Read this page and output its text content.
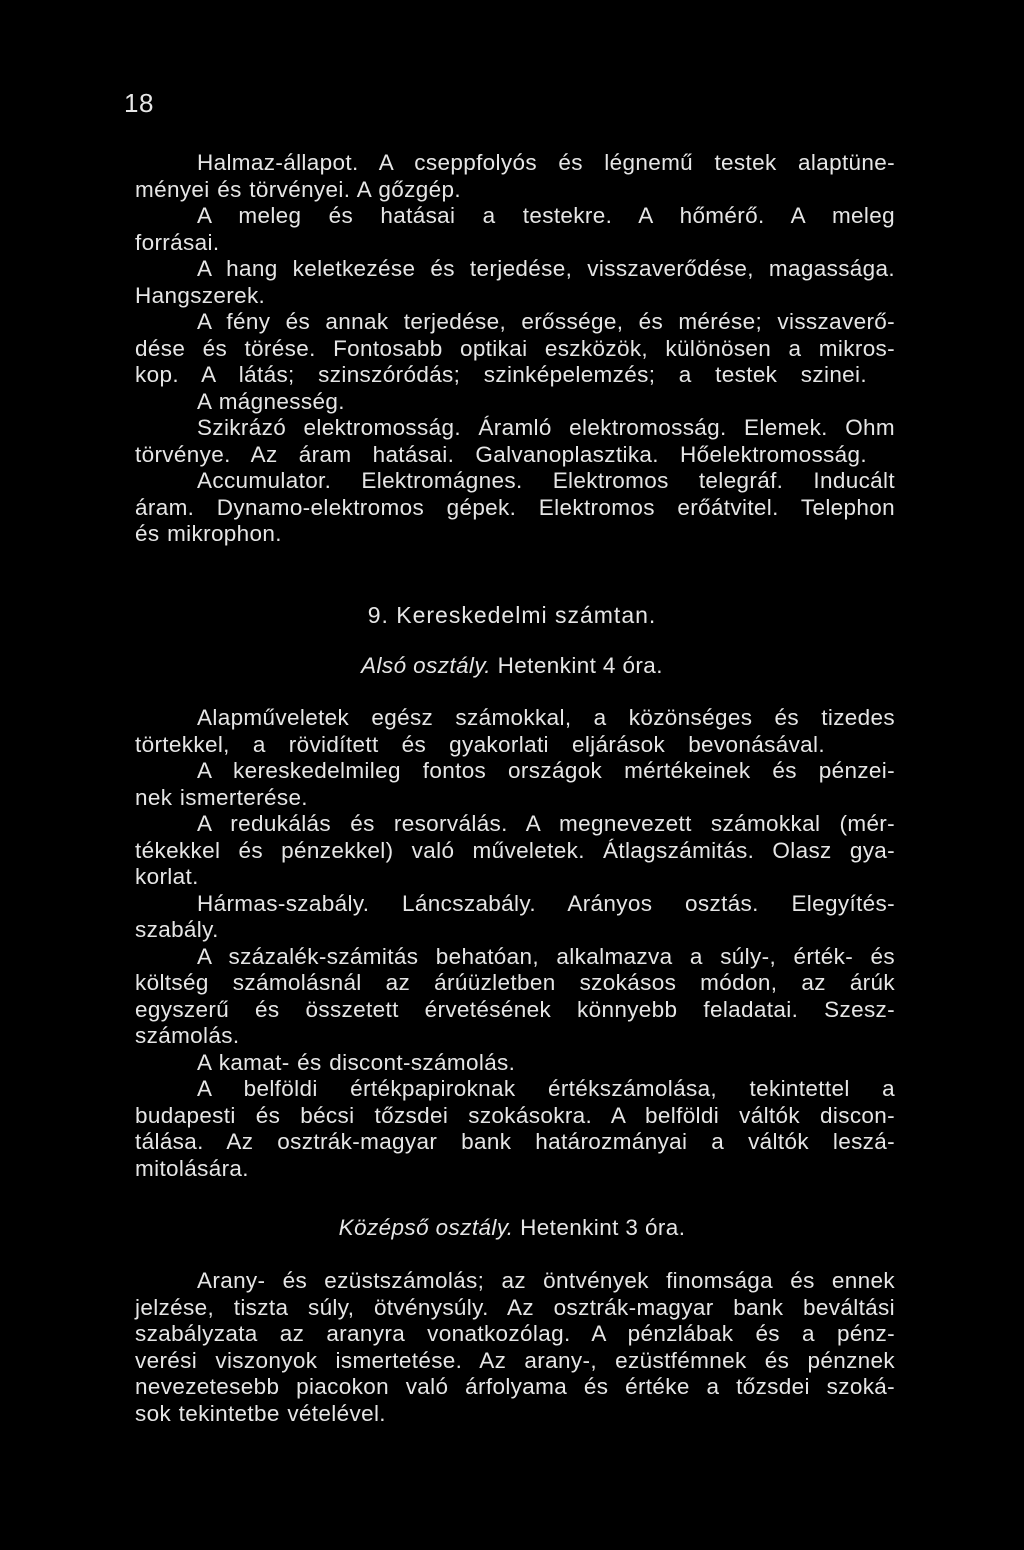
18
Halmaz-állapot. A cseppfolyós és légnemű testek alaptüne-
ményei és törvényei. A gőzgép.
A meleg és hatásai a testekre. A hőmérő. A meleg
forrásai.
A hang keletkezése és terjedése, visszaverődése, magassága.
Hangszerek.
A fény és annak terjedése, erőssége, és mérése; visszaverő-
dése és törése. Fontosabb optikai eszközök, különösen a mikros-
kop. A látás; szinszóródás; szinképelemzés; a testek szinei.
A mágnesség.
Szikrázó elektromosság. Áramló elektromosság. Elemek. Ohm
törvénye. Az áram hatásai. Galvanoplasztika. Hőelektromosság.
Accumulator. Elektromágnes. Elektromos telegráf. Inducált
áram. Dynamo-elektromos gépek. Elektromos erőátvitel. Telephon
és mikrophon.
9. Kereskedelmi számtan.
Alsó osztály. Hetenkint 4 óra.
Alapműveletek egész számokkal, a közönséges és tizedes
törtekkel, a rövidített és gyakorlati eljárások bevonásával.
A kereskedelmileg fontos országok mértékeinek és pénzei-
nek ismerterése.
A redukálás és resorválás. A megnevezett számokkal (mér-
tékekkel és pénzekkel) való műveletek. Átlagszámitás. Olasz gya-
korlat.
Hármas-szabály. Láncszabály. Arányos osztás. Elegyítés-
szabály.
A százalék-számitás behatóan, alkalmazva a súly-, érték- és
költség számolásnál az árúüzletben szokásos módon, az árúk
egyszerű és összetett érvetésének könnyebb feladatai. Szesz-
számolás.
A kamat- és discont-számolás.
A belföldi értékpapiroknak értékszámolása, tekintettel a
budapesti és bécsi tőzsdei szokásokra. A belföldi váltók discon-
tálása. Az osztrák-magyar bank határozmányai a váltók leszá-
mitolására.
Középső osztály. Hetenkint 3 óra.
Arany- és ezüstszámolás; az öntvények finomsága és ennek
jelzése, tiszta súly, ötvénysúly. Az osztrák-magyar bank beváltási
szabályzata az aranyra vonatkozólag. A pénzlábak és a pénz-
verési viszonyok ismertetése. Az arany-, ezüstfémnek és pénznek
nevezetesebb piacokon való árfolyama és értéke a tőzsdei szoká-
sok tekintetbe vételével.
